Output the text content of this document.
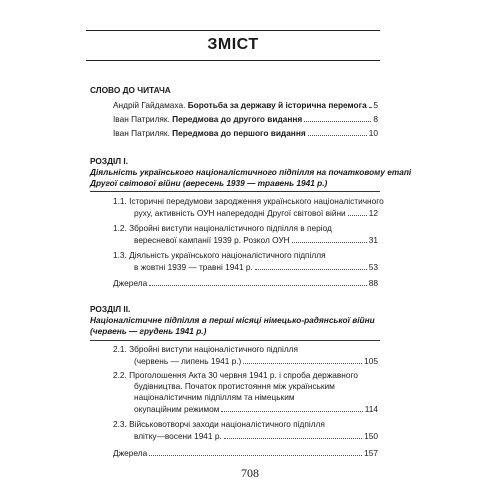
ЗМІСТ
СЛОВО ДО ЧИТАЧА
Андрій Гайдамаха. Боротьба за державу й історична перемога 5
Іван Патриляк. Передмова до другого видання	8
Іван Патриляк. Передмова до першого видання	10
РОЗДІЛ І.
Діяльність українського націоналістичного підпілля на початковому етапі
Другої світової війни (вересень 1939 — травень 1941 р.)
1.1. Історичні передумови зародження українського націоналістичного
руху, активність ОУН напередодні Другої світової війни	12
1.2. Збройні виступи націоналістичного підпілля в період
вересневої кампанії 1939 р. Розкол ОУН	31
1.3. Діяльність українського націоналістичного підпілля
в жовтні 1939 — травні 1941 р.	53
Джерела	88
РОЗДІЛ ІІ.
Націоналістичне підпілля в перші місяці німецько-радянської війни
(червень — грудень 1941 р.)
2.1. Збройні виступи націоналістичного підпілля
(червень — липень 1941 р.)	105
2.2. Проголошення Акта 30 червня 1941 р. і спроба державного
будівництва. Початок протистояння між українським
націоналістичним підпіллям та німецьким
окупаційним режимом	114
2.3. Військовотворчі заходи націоналістичного підпілля
влітку—восени 1941 р.	150
Джерела	157
708
